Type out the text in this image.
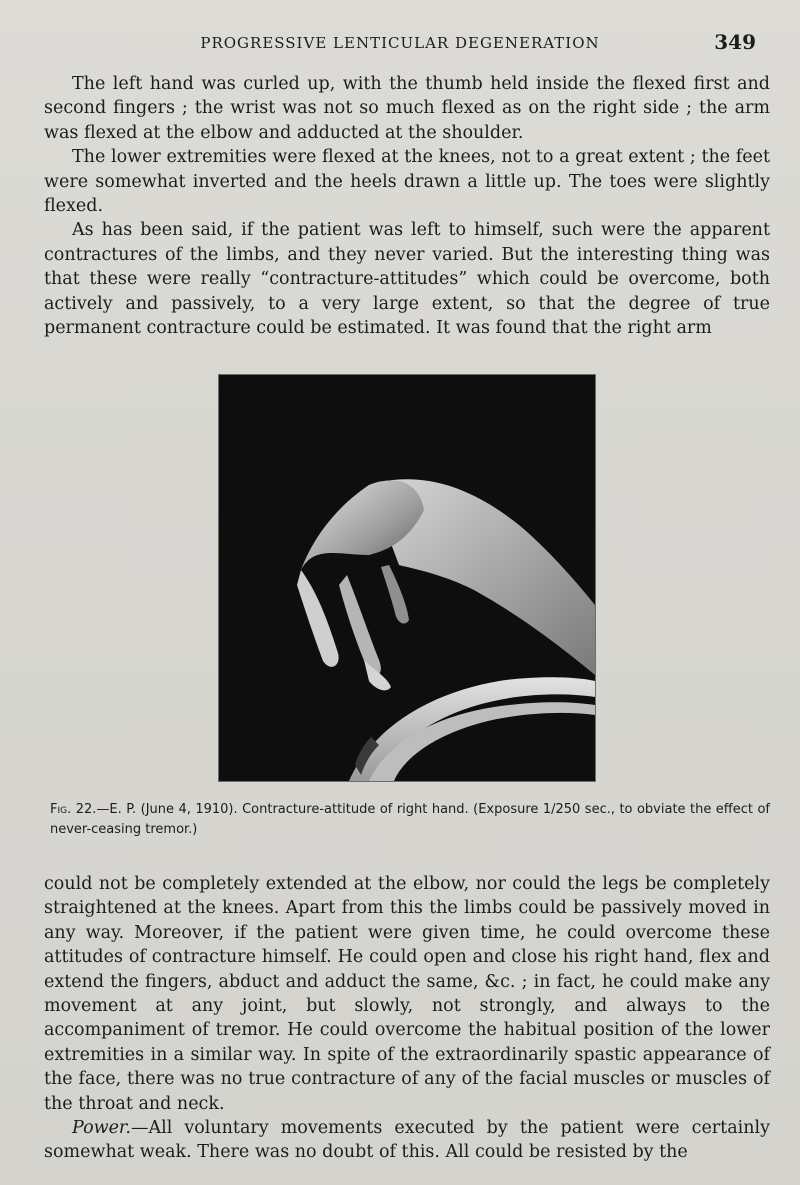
PROGRESSIVE LENTICULAR DEGENERATION	349

The left hand was curled up, with the thumb held inside the flexed first and second fingers ; the wrist was not so much flexed as on the right side ; the arm was flexed at the elbow and adducted at the shoulder.

The lower extremities were flexed at the knees, not to a great extent ; the feet were somewhat inverted and the heels drawn a little up. The toes were slightly flexed.

As has been said, if the patient was left to himself, such were the apparent contractures of the limbs, and they never varied. But the interesting thing was that these were really “contracture-attitudes” which could be overcome, both actively and passively, to a very large extent, so that the degree of true permanent contracture could be estimated. It was found that the right arm

Fig. 22.—E. P. (June 4, 1910). Contracture-attitude of right hand. (Exposure 1/250 sec., to obviate the effect of never-ceasing tremor.)

could not be completely extended at the elbow, nor could the legs be completely straightened at the knees. Apart from this the limbs could be passively moved in any way. Moreover, if the patient were given time, he could overcome these attitudes of contracture himself. He could open and close his right hand, flex and extend the fingers, abduct and adduct the same, &c. ; in fact, he could make any movement at any joint, but slowly, not strongly, and always to the accompaniment of tremor. He could overcome the habitual position of the lower extremities in a similar way. In spite of the extraordinarily spastic appearance of the face, there was no true contracture of any of the facial muscles or muscles of the throat and neck.

Power.—All voluntary movements executed by the patient were certainly somewhat weak. There was no doubt of this. All could be resisted by the
